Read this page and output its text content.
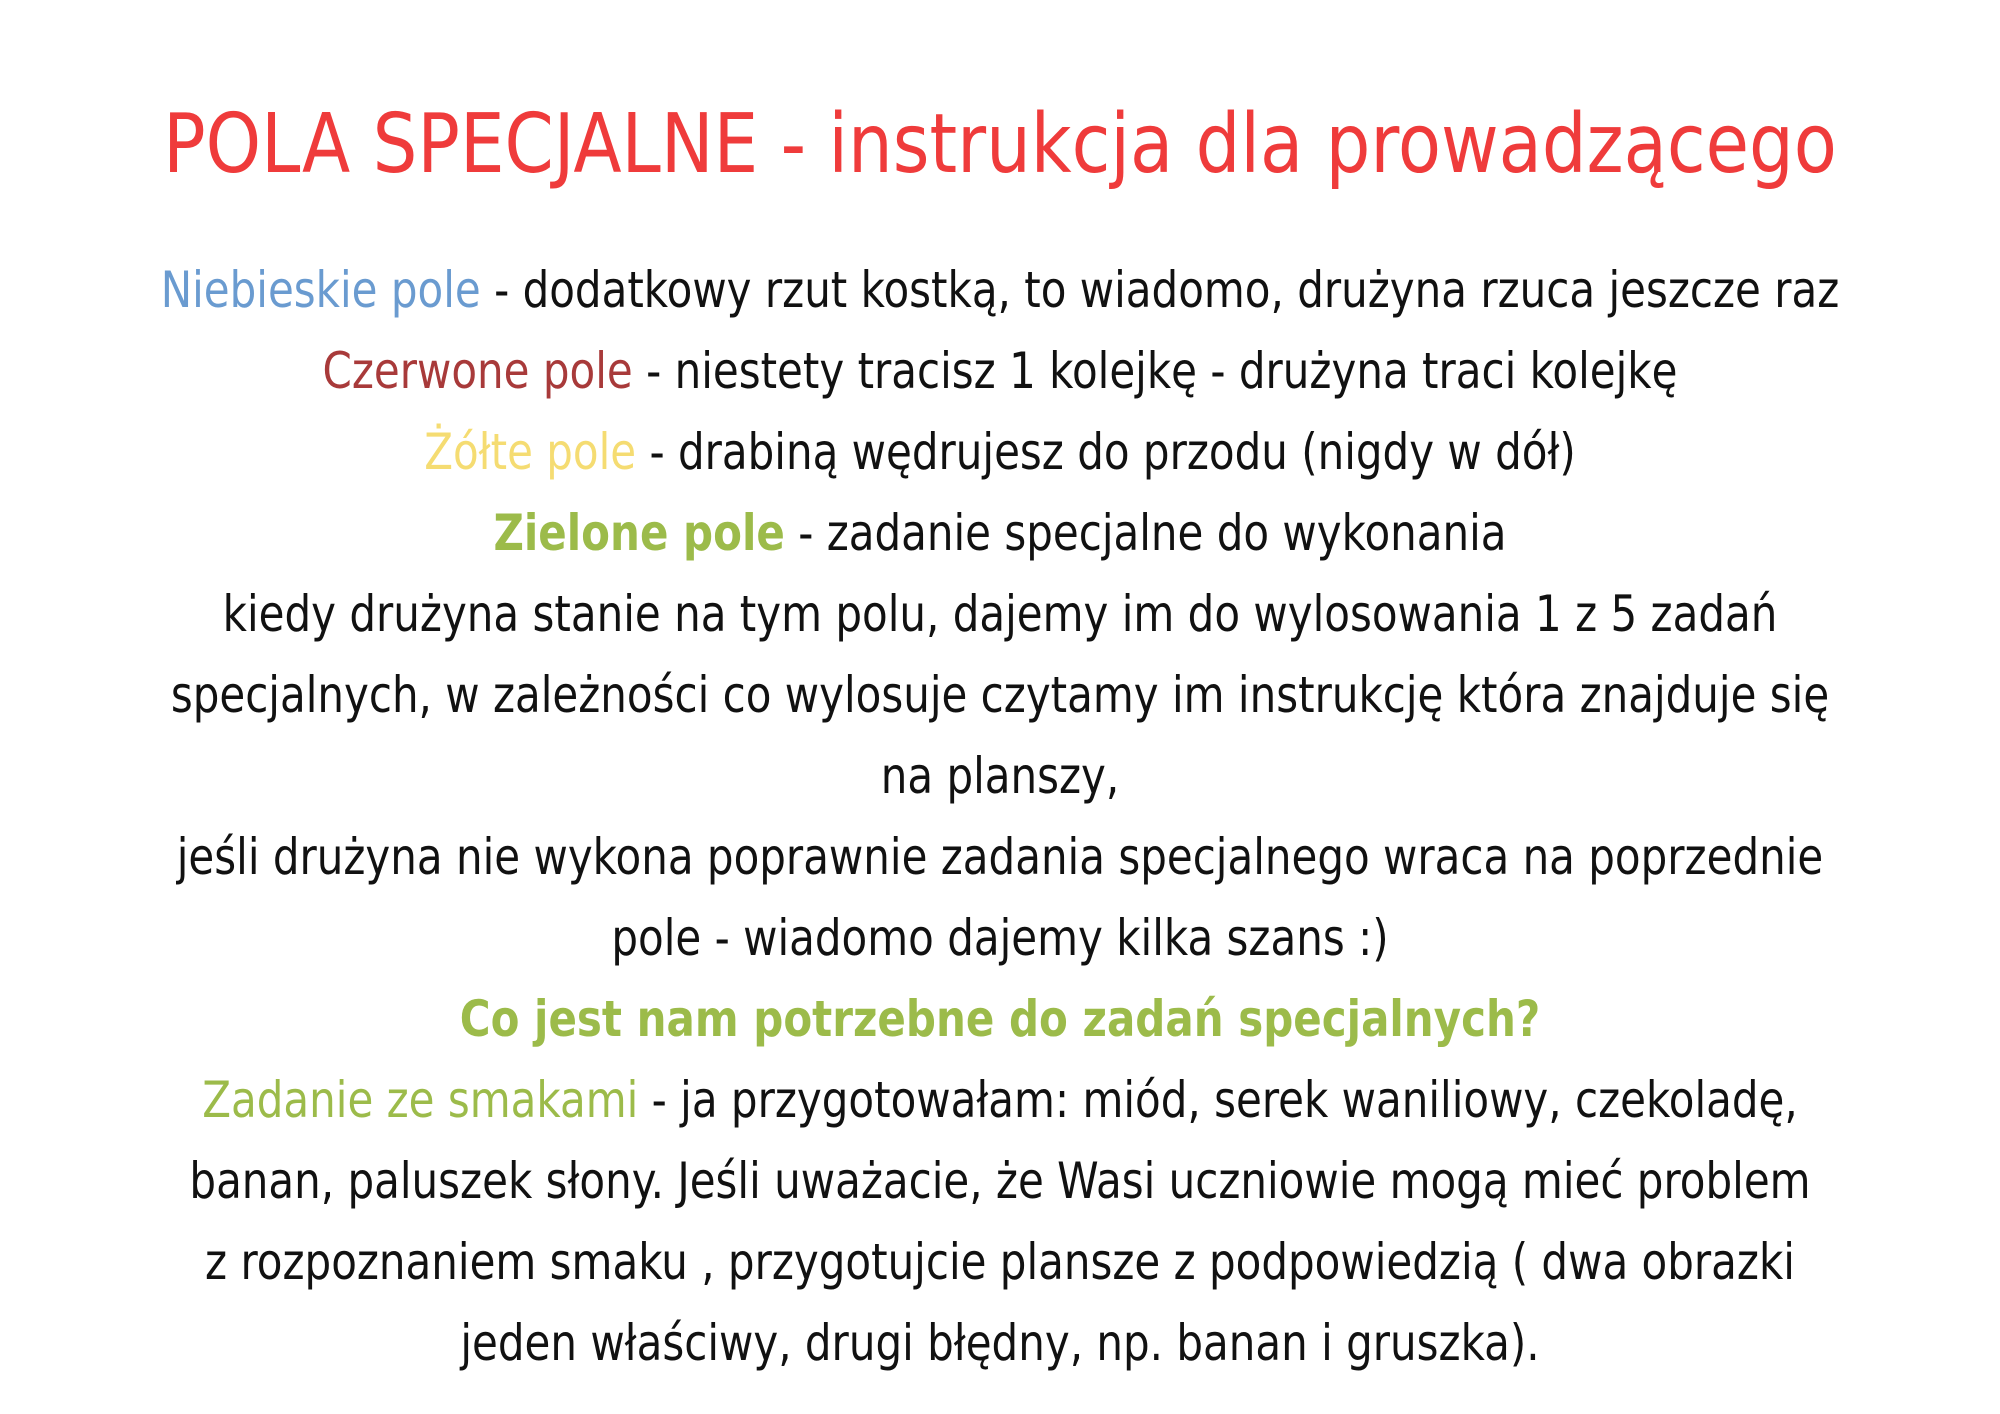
POLA SPECJALNE - instrukcja dla prowadzącego
Niebieskie pole - dodatkowy rzut kostką, to wiadomo, drużyna rzuca jeszcze raz
Czerwone pole - niestety tracisz 1 kolejkę - drużyna traci kolejkę
Żółte pole - drabiną wędrujesz do przodu (nigdy w dół)
Zielone pole - zadanie specjalne do wykonania
kiedy drużyna stanie na tym polu, dajemy im do wylosowania 1 z 5 zadań
specjalnych, w zależności co wylosuje czytamy im instrukcję która znajduje się
na planszy,
jeśli drużyna nie wykona poprawnie zadania specjalnego wraca na poprzednie
pole - wiadomo dajemy kilka szans :)
Co jest nam potrzebne do zadań specjalnych?
Zadanie ze smakami - ja przygotowałam: miód, serek waniliowy, czekoladę,
banan, paluszek słony. Jeśli uważacie, że Wasi uczniowie mogą mieć problem
z rozpoznaniem smaku , przygotujcie plansze z podpowiedzią ( dwa obrazki
jeden właściwy, drugi błędny, np. banan i gruszka).
